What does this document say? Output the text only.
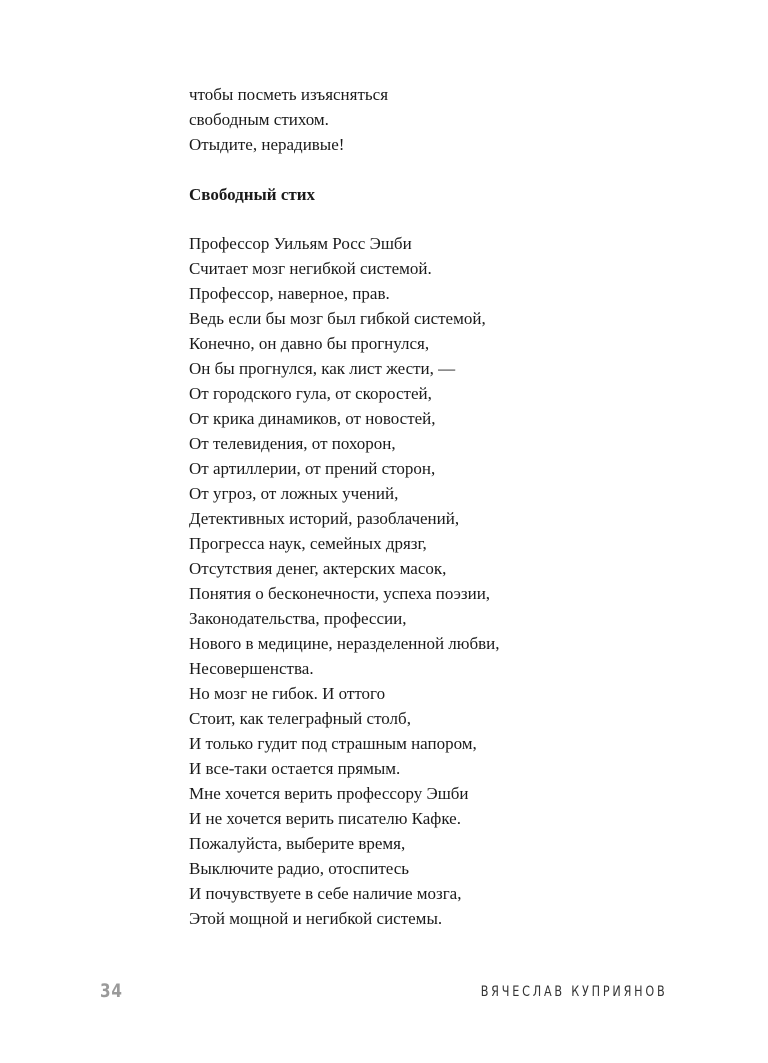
чтобы посметь изъясняться
свободным стихом.
Отыдите, нерадивые!
Свободный стих
Профессор Уильям Росс Эшби
Считает мозг негибкой системой.
Профессор, наверное, прав.
Ведь если бы мозг был гибкой системой,
Конечно, он давно бы прогнулся,
Он бы прогнулся, как лист жести, —
От городского гула, от скоростей,
От крика динамиков, от новостей,
От телевидения, от похорон,
От артиллерии, от прений сторон,
От угроз, от ложных учений,
Детективных историй, разоблачений,
Прогресса наук, семейных дрязг,
Отсутствия денег, актерских масок,
Понятия о бесконечности, успеха поэзии,
Законодательства, профессии,
Нового в медицине, неразделенной любви,
Несовершенства.
Но мозг не гибок. И оттого
Стоит, как телеграфный столб,
И только гудит под страшным напором,
И все-таки остается прямым.
Мне хочется верить профессору Эшби
И не хочется верить писателю Кафке.
Пожалуйста, выберите время,
Выключите радио, отоспитесь
И почувствуете в себе наличие мозга,
Этой мощной и негибкой системы.
34	ВЯЧЕСЛАВ КУПРИЯНОВ
